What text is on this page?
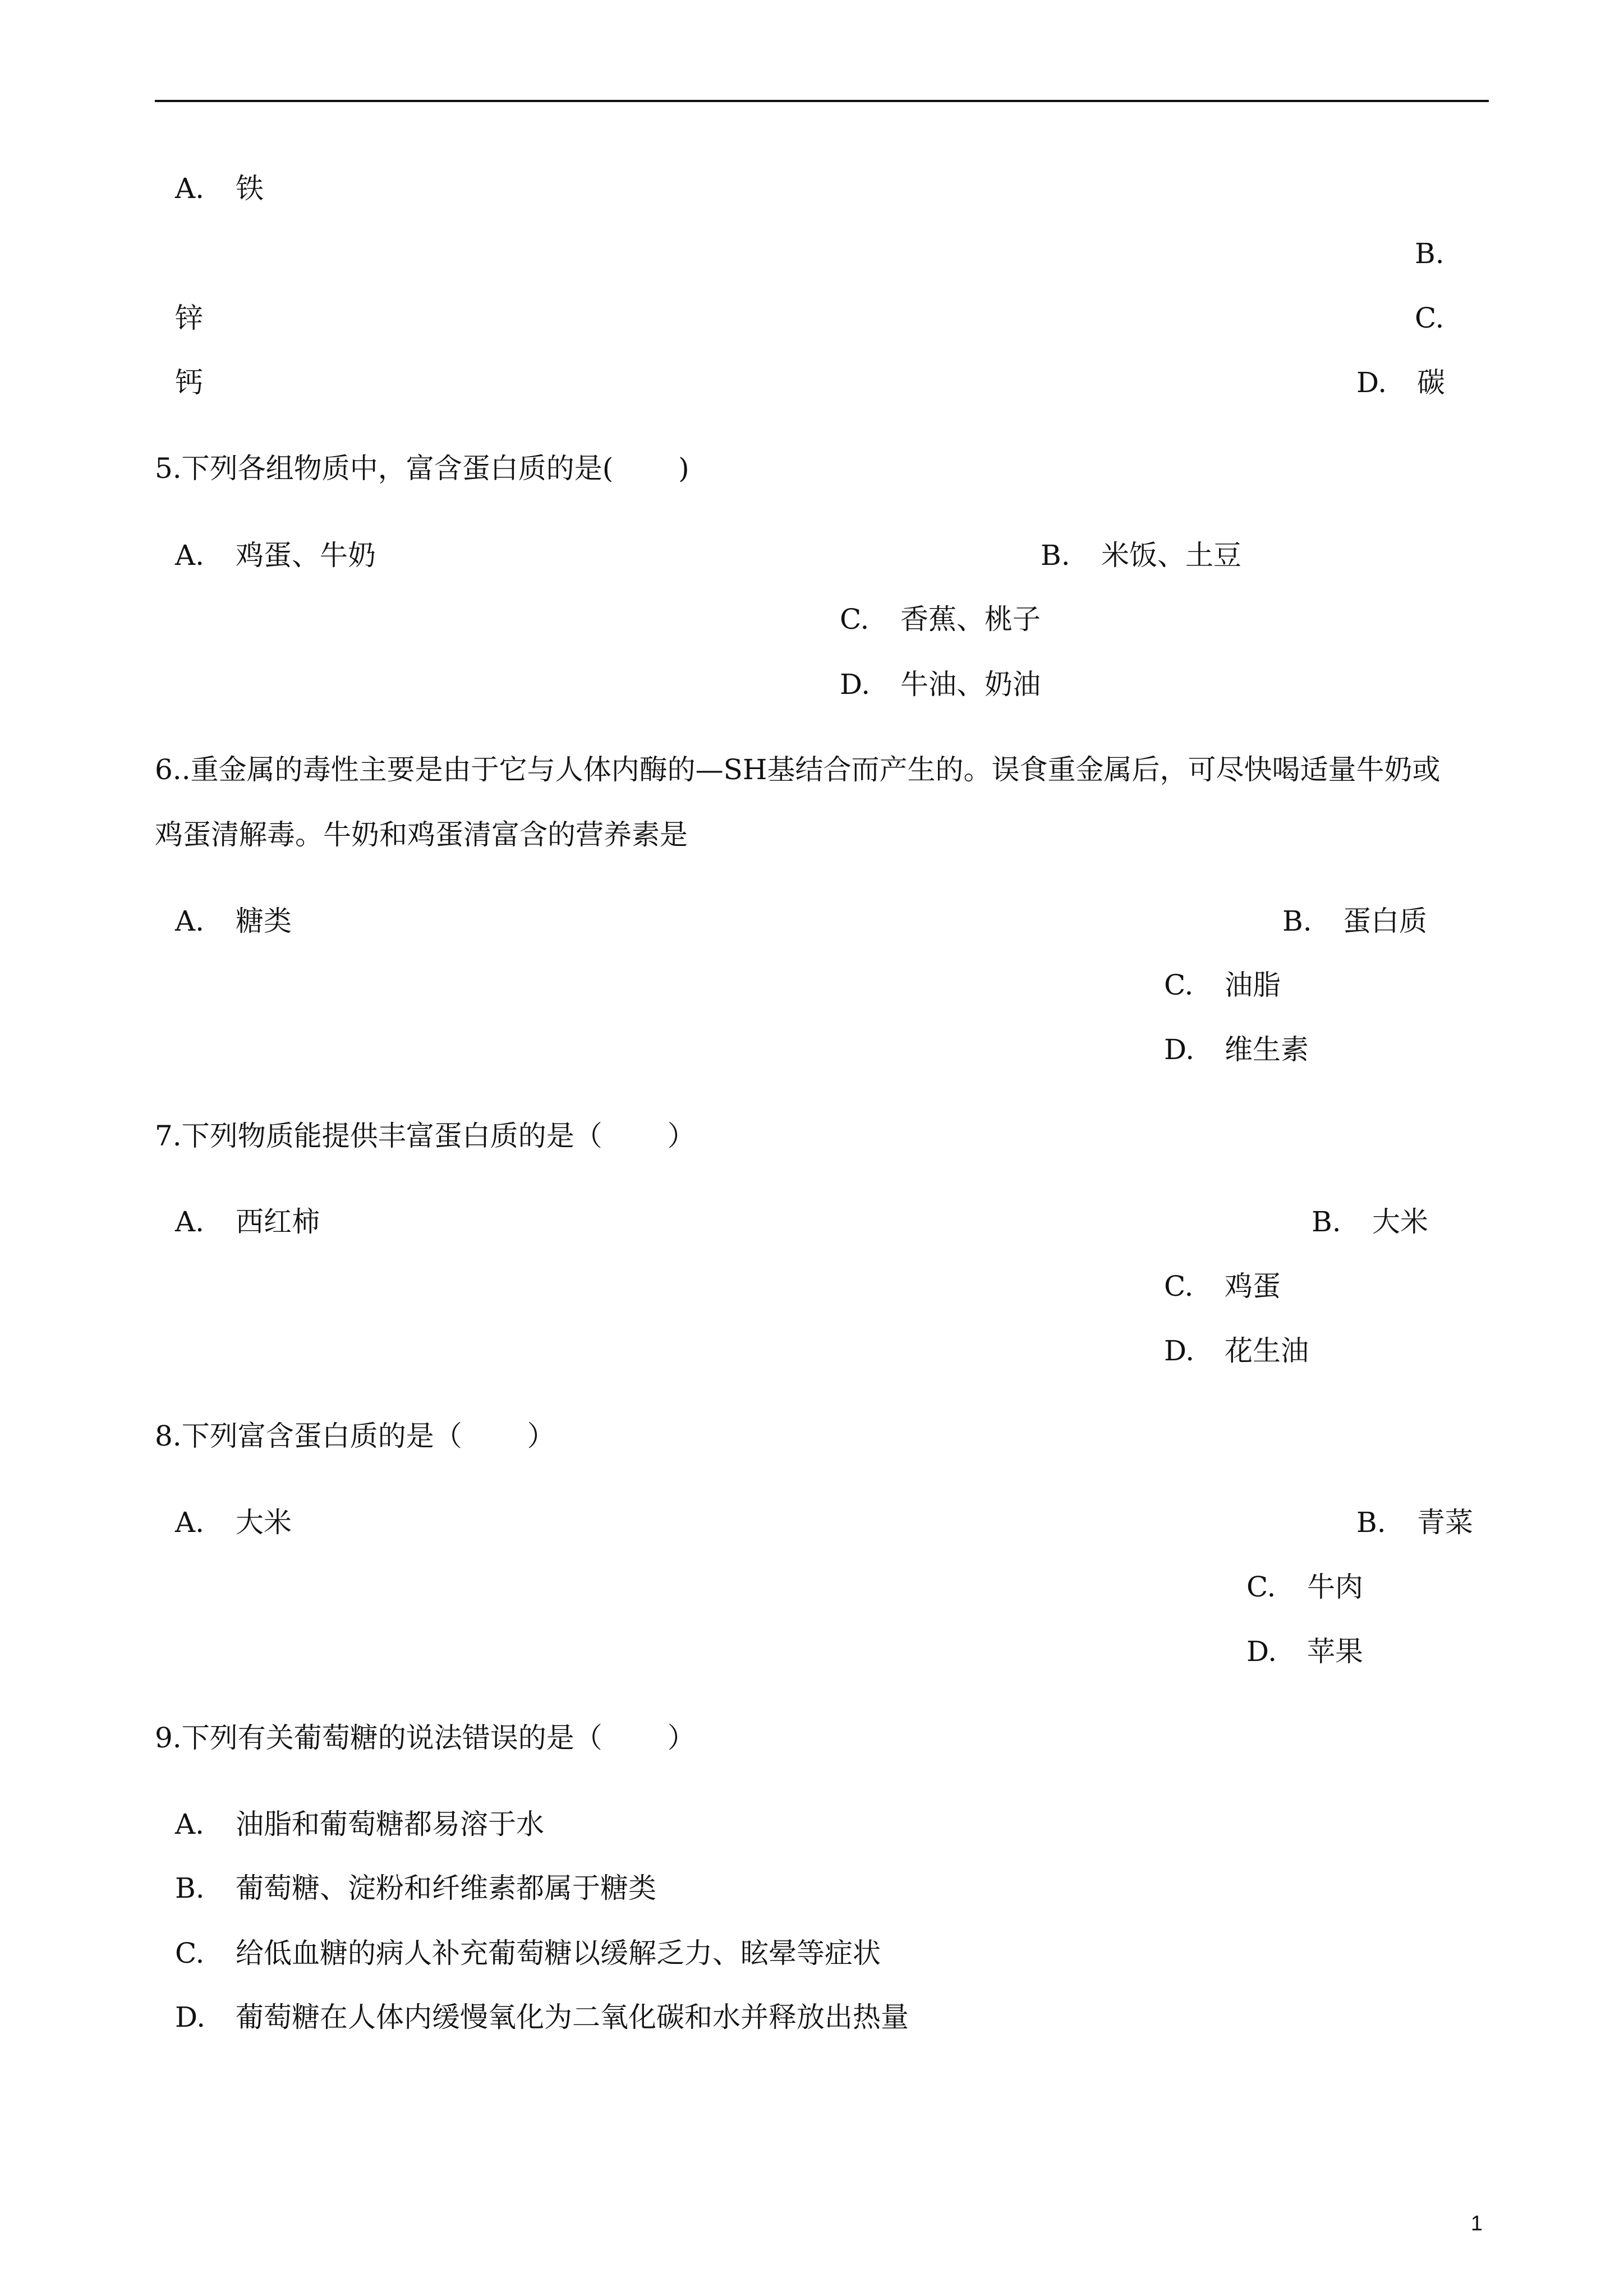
A. 铁
B.
锌	C.
钙	D. 碳
5.下列各组物质中，富含蛋白质的是(　　 )
A. 鸡蛋、牛奶	B. 米饭、土豆
C. 香蕉、桃子
D. 牛油、奶油
6..重金属的毒性主要是由于它与人体内酶的—SH基结合而产生的。误食重金属后，可尽快喝适量牛奶或
鸡蛋清解毒。牛奶和鸡蛋清富含的营养素是
A. 糖类	B. 蛋白质
C. 油脂
D. 维生素
7.下列物质能提供丰富蛋白质的是（　　 ）
A. 西红柿	B. 大米
C. 鸡蛋
D. 花生油
8.下列富含蛋白质的是（　　 ）
A. 大米	B. 青菜
C. 牛肉
D. 苹果
9.下列有关葡萄糖的说法错误的是（　　 ）
A. 油脂和葡萄糖都易溶于水
B. 葡萄糖、淀粉和纤维素都属于糖类
C. 给低血糖的病人补充葡萄糖以缓解乏力、眩晕等症状
D. 葡萄糖在人体内缓慢氧化为二氧化碳和水并释放出热量
1
